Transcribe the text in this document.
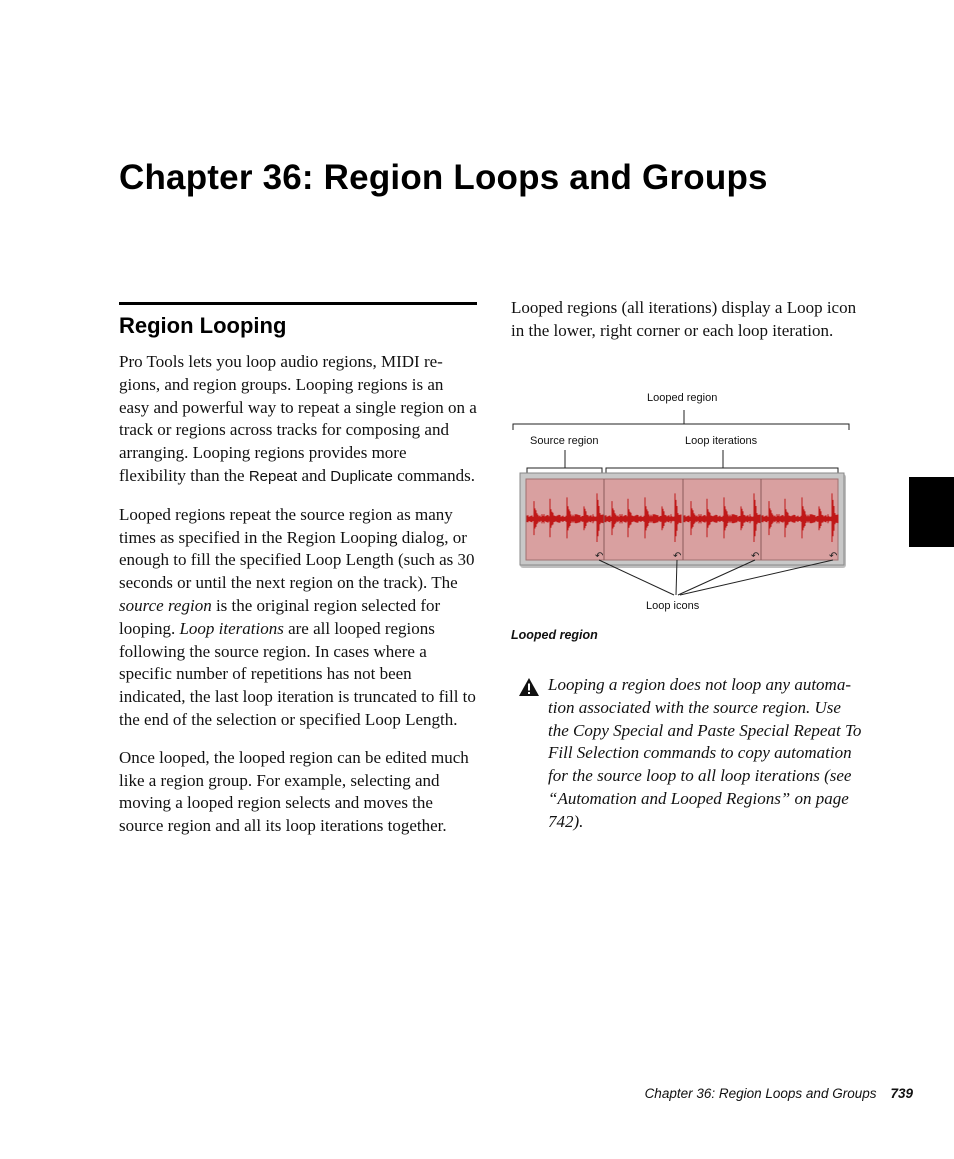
Chapter 36: Region Loops and Groups
Region Looping

Pro Tools lets you loop audio regions, MIDI regions, and region groups. Looping regions is an easy and powerful way to repeat a single region on a track or regions across tracks for composing and arranging. Looping regions provides more flexibility than the Repeat and Duplicate commands.

Looped regions repeat the source region as many times as specified in the Region Looping dialog, or enough to fill the specified Loop Length (such as 30 seconds or until the next region on the track). The source region is the original region selected for looping. Loop iterations are all looped regions following the source region. In cases where a specific number of repetitions has not been indicated, the last loop iteration is truncated to fill to the end of the selection or specified Loop Length.

Once looped, the looped region can be edited much like a region group. For example, selecting and moving a looped region selects and moves the source region and all its loop iterations together.

Looped regions (all iterations) display a Loop icon in the lower, right corner or each loop iteration.

Looped region
Source region	Loop iterations
↶	↶	↶	↶
Loop icons
Looped region
Looping a region does not loop any automation associated with the source region. Use the Copy Special and Paste Special Repeat To Fill Selection commands to copy automation for the source loop to all loop iterations (see “Automation and Looped Regions” on page 742).
Chapter 36: Region Loops and Groups 739
